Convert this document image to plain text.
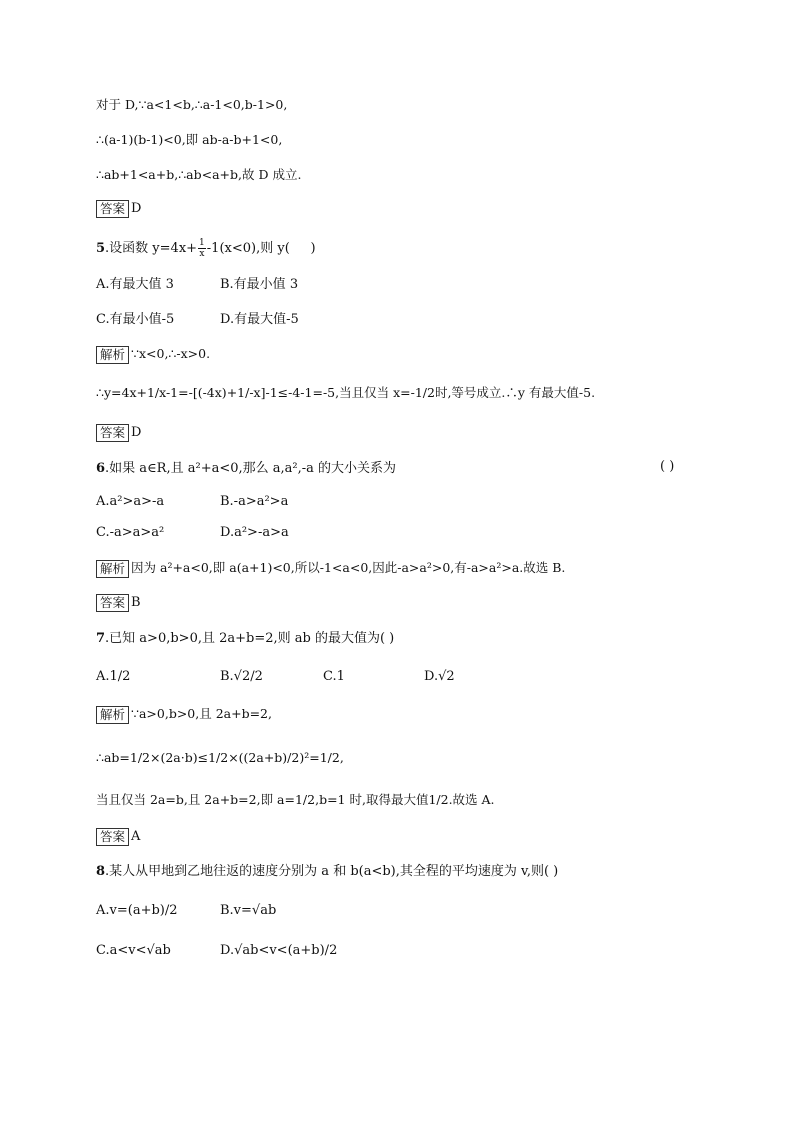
对于 D,∵a<1<b,∴a-1<0,b-1>0,
∴(a-1)(b-1)<0,即 ab-a-b+1<0,
∴ab+1<a+b,∴ab<a+b,故 D 成立.
答案 D
5.设函数 $y=4x+ \frac{1}{x} -1(x<0)$,则 y( )
A.有最大值 3	B.有最小值 3
C.有最小值-5	D.有最大值-5
解析 ∵x<0,∴-x>0.
∴y=4x+1/x-1=-[(-4x)+1/-x]-1≤-4-1=-5,当且仅当 x=-1/2时,等号成立.∴y 有最大值-5.
答案 D
6.如果 a∈R,且 a²+a<0,那么 a,a²,-a 的大小关系为	( )
A.a²>a>-a	B.-a>a²>a
C.-a>a>a²	D.a²>-a>a
解析 因为 a²+a<0,即 a(a+1)<0,所以-1<a<0,因此-a>a²>0,有-a>a²>a.故选 B.
答案 B
7.已知 a>0,b>0,且 2a+b=2,则 ab 的最大值为( )
A.1/2	B.√2/2	C.1	D.√2
解析 ∵a>0,b>0,且 2a+b=2,
∴ab=1/2×(2a·b)≤1/2×((2a+b)/2)²=1/2,
当且仅当 2a=b,且 2a+b=2,即 a=1/2,b=1 时,取得最大值1/2.故选 A.
答案 A
8.某人从甲地到乙地往返的速度分别为 a 和 b(a<b),其全程的平均速度为 v,则( )
A.v=(a+b)/2	B.v=√ab
C.a<v<√ab	D.√ab<v<(a+b)/2
